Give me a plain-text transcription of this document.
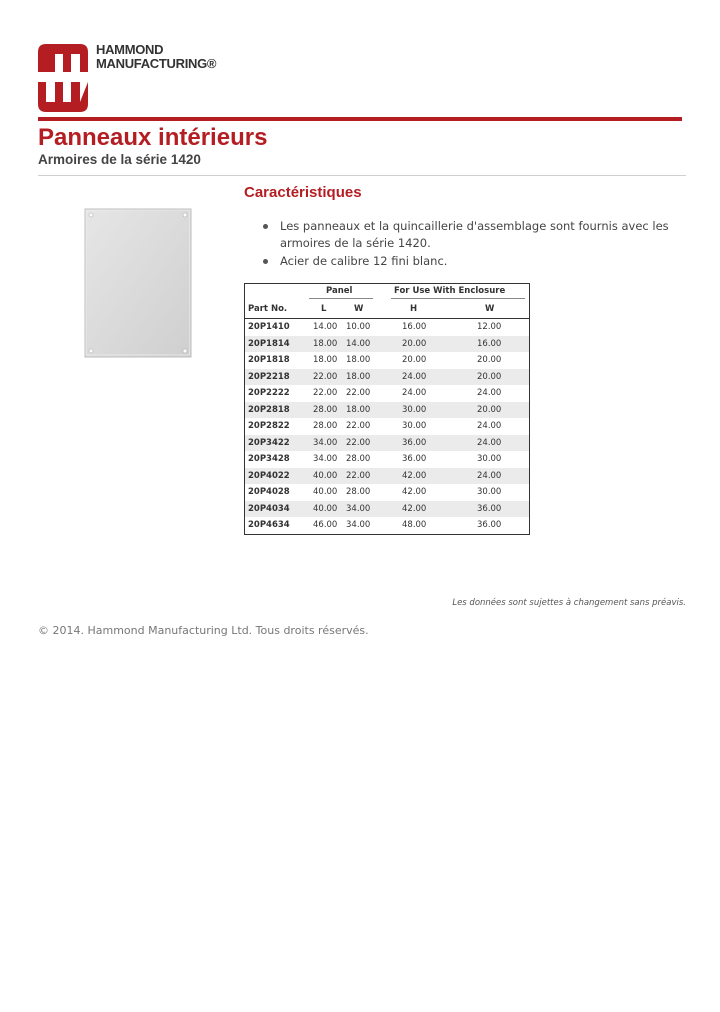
HAMMOND
MANUFACTURING®
Panneaux intérieurs
Armoires de la série 1420
Caractéristiques
Les panneaux et la quincaillerie d'assemblage sont fournis avec les armoires de la série 1420.
Acier de calibre 12 fini blanc.
Panel	For Use With Enclosure
Part No.	L	W	H	W
20P1410	14.00 10.00	16.00	12.00
20P1814	18.00 14.00	20.00	16.00
20P1818	18.00 18.00	20.00	20.00
20P2218	22.00 18.00	24.00	20.00
20P2222	22.00 22.00	24.00	24.00
20P2818	28.00 18.00	30.00	20.00
20P2822	28.00 22.00	30.00	24.00
20P3422	34.00 22.00	36.00	24.00
20P3428	34.00 28.00	36.00	30.00
20P4022	40.00 22.00	42.00	24.00
20P4028	40.00 28.00	42.00	30.00
20P4034	40.00 34.00	42.00	36.00
20P4634	46.00 34.00	48.00	36.00
Les données sont sujettes à changement sans préavis.
© 2014. Hammond Manufacturing Ltd. Tous droits réservés.
